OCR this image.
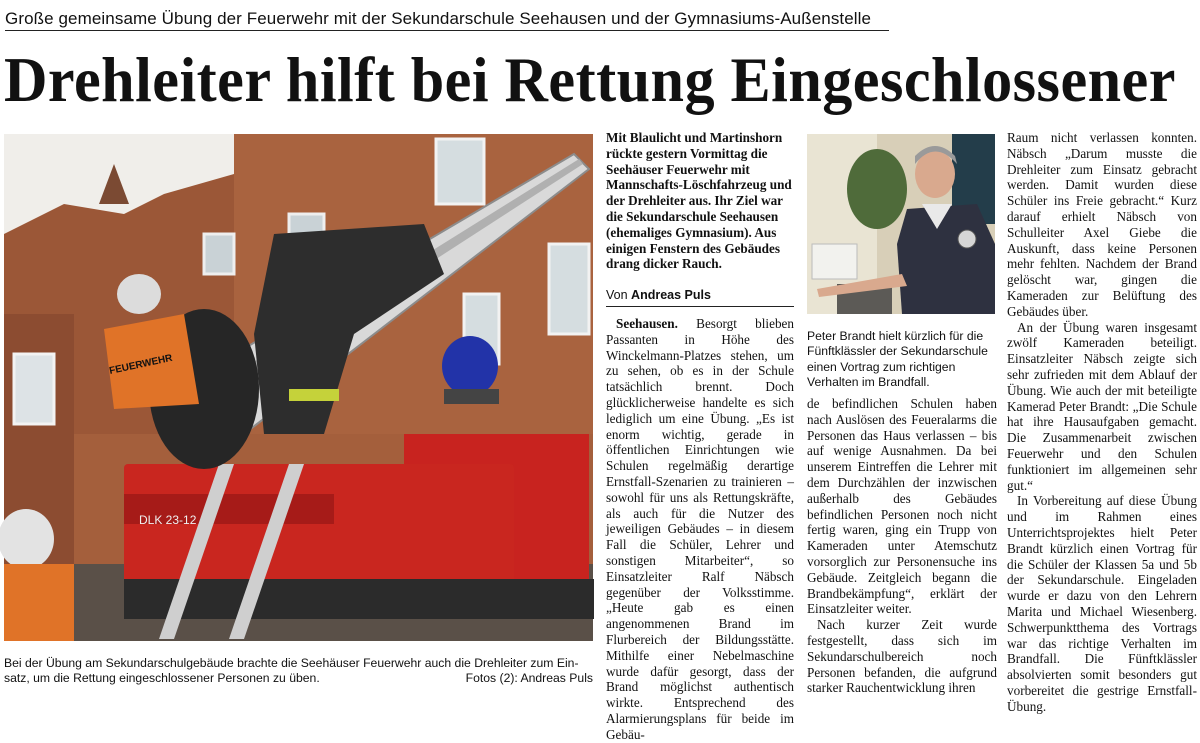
Große gemeinsame Übung der Feuerwehr mit der Sekundarschule Seehausen und der Gymnasiums-Außenstelle
Drehleiter hilft bei Rettung Eingeschlossener
DLK 23-12
FEUERWEHR
Bei der Übung am Sekundarschulgebäude brachte die Seehäuser Feuerwehr auch die Drehleiter zum Ein-
satz, um die Rettung eingeschlossener Personen zu üben.	Fotos (2): Andreas Puls
Mit Blaulicht und Martinshorn rückte gestern Vormittag die Seehäuser Feuerwehr mit Mannschafts-Löschfahrzeug und der Drehleiter aus. Ihr Ziel war die Sekundarschule Seehausen (ehemaliges Gymnasium). Aus einigen Fenstern des Gebäudes drang dicker Rauch.
Von Andreas Puls

Seehausen. Besorgt blieben Passanten in Höhe des Winckelmann-Platzes stehen, um zu sehen, ob es in der Schule tatsächlich brennt. Doch glücklicherweise handelte es sich lediglich um eine Übung. „Es ist enorm wichtig, gerade in öffentlichen Einrichtungen wie Schulen regelmäßig derartige Ernstfall-Szenarien zu trainieren – sowohl für uns als Rettungskräfte, als auch für die Nutzer des jeweiligen Gebäudes – in diesem Fall die Schüler, Lehrer und sonstigen Mitarbeiter“, so Einsatzleiter Ralf Näbsch gegenüber der Volksstimme. „Heute gab es einen angenommenen Brand im Flurbereich der Bildungsstätte. Mithilfe einer Nebelmaschine wurde dafür gesorgt, dass der Brand möglichst authentisch wirkte. Entsprechend des Alarmierungsplans für beide im Gebäu-

Peter Brandt hielt kürzlich für die Fünftklässler der Sekundarschule einen Vortrag zum richtigen Verhalten im Brandfall.

de befindlichen Schulen haben nach Auslösen des Feueralarms die Personen das Haus verlassen – bis auf wenige Ausnahmen. Da bei unserem Eintreffen die Lehrer mit dem Durchzählen der inzwischen außerhalb des Gebäudes befindlichen Personen noch nicht fertig waren, ging ein Trupp von Kameraden unter Atemschutz vorsorglich zur Personensuche ins Gebäude. Zeitgleich begann die Brandbekämpfung“, erklärt der Einsatzleiter weiter.

Nach kurzer Zeit wurde festgestellt, dass sich im Sekundarschulbereich noch Personen befanden, die aufgrund starker Rauchentwicklung ihren

Raum nicht verlassen konnten. Näbsch „Darum musste die Drehleiter zum Einsatz gebracht werden. Damit wurden diese Schüler ins Freie gebracht.“ Kurz darauf erhielt Näbsch von Schulleiter Axel Giebe die Auskunft, dass keine Personen mehr fehlten. Nachdem der Brand gelöscht war, gingen die Kameraden zur Belüftung des Gebäudes über.

An der Übung waren insgesamt zwölf Kameraden beteiligt. Einsatzleiter Näbsch zeigte sich sehr zufrieden mit dem Ablauf der Übung. Wie auch der mit beteiligte Kamerad Peter Brandt: „Die Schule hat ihre Hausaufgaben gemacht. Die Zusammenarbeit zwischen Feuerwehr und den Schulen funktioniert im allgemeinen sehr gut.“

In Vorbereitung auf diese Übung und im Rahmen eines Unterrichtsprojektes hielt Peter Brandt kürzlich einen Vortrag für die Schüler der Klassen 5a und 5b der Sekundarschule. Eingeladen wurde er dazu von den Lehrern Marita und Michael Wiesenberg. Schwerpunktthema des Vortrags war das richtige Verhalten im Brandfall. Die Fünftklässler absolvierten somit besonders gut vorbereitet die gestrige Ernstfall-Übung.
